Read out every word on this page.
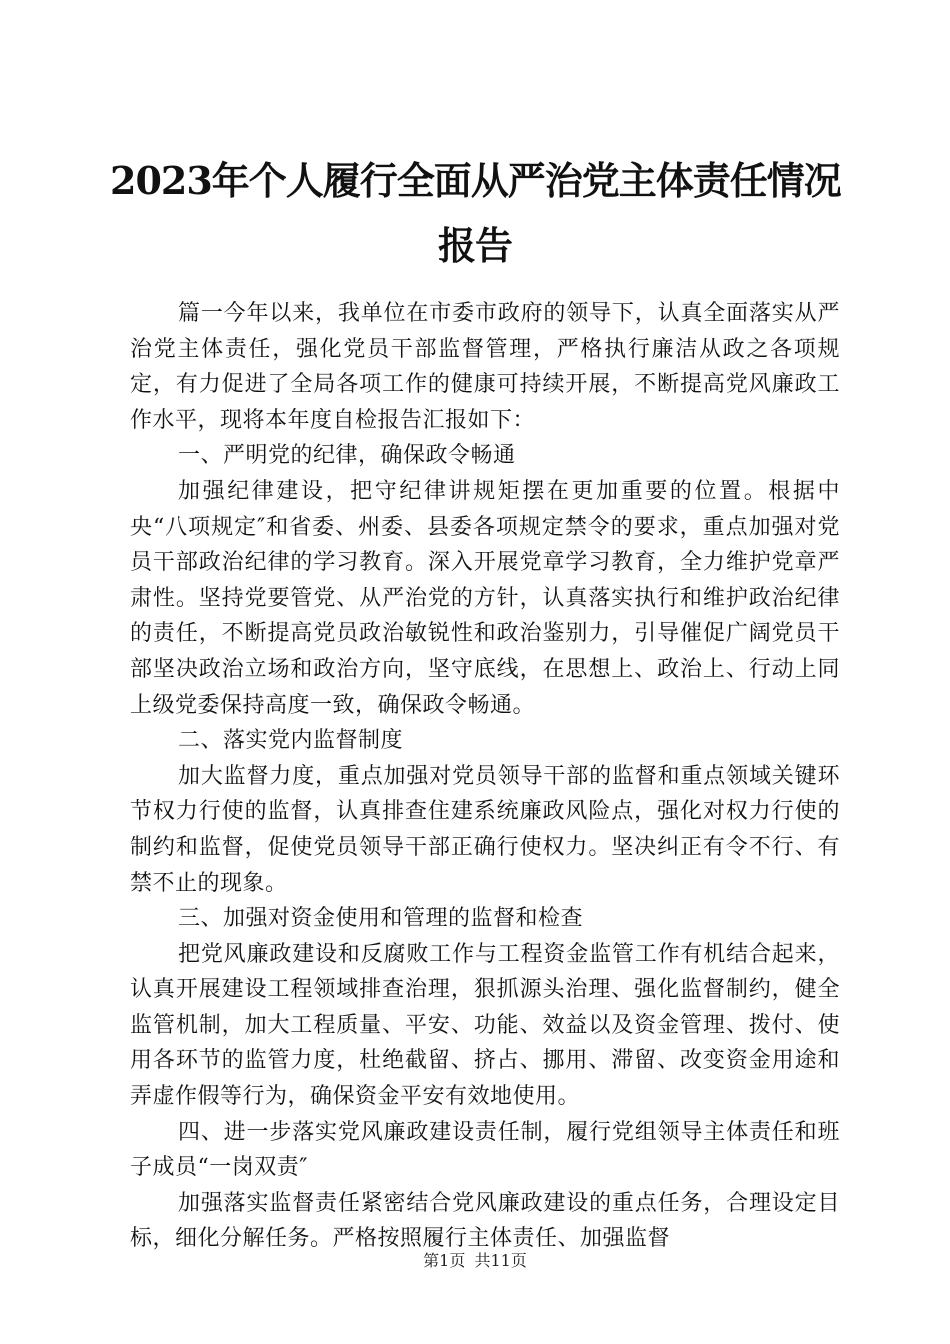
2023年个人履行全面从严治党主体责任情况
报告

篇一今年以来，我单位在市委市政府的领导下，认真全面落实从严治党主体责任，强化党员干部监督管理，严格执行廉洁从政之各项规定，有力促进了全局各项工作的健康可持续开展，不断提高党风廉政工作水平，现将本年度自检报告汇报如下：

一、严明党的纪律，确保政令畅通

加强纪律建设，把守纪律讲规矩摆在更加重要的位置。根据中央“八项规定″和省委、州委、县委各项规定禁令的要求，重点加强对党员干部政治纪律的学习教育。深入开展党章学习教育，全力维护党章严肃性。坚持党要管党、从严治党的方针，认真落实执行和维护政治纪律的责任，不断提高党员政治敏锐性和政治鉴别力，引导催促广阔党员干部坚决政治立场和政治方向，坚守底线，在思想上、政治上、行动上同上级党委保持高度一致，确保政令畅通。

二、落实党内监督制度

加大监督力度，重点加强对党员领导干部的监督和重点领域关键环节权力行使的监督，认真排查住建系统廉政风险点，强化对权力行使的制约和监督，促使党员领导干部正确行使权力。坚决纠正有令不行、有禁不止的现象。

三、加强对资金使用和管理的监督和检查

把党风廉政建设和反腐败工作与工程资金监管工作有机结合起来，认真开展建设工程领域排查治理，狠抓源头治理、强化监督制约，健全监管机制，加大工程质量、平安、功能、效益以及资金管理、拨付、使用各环节的监管力度，杜绝截留、挤占、挪用、滞留、改变资金用途和弄虚作假等行为，确保资金平安有效地使用。

四、进一步落实党风廉政建设责任制，履行党组领导主体责任和班子成员“一岗双责″

加强落实监督责任紧密结合党风廉政建设的重点任务，合理设定目标，细化分解任务。严格按照履行主体责任、加强监督

第1页 共11页
